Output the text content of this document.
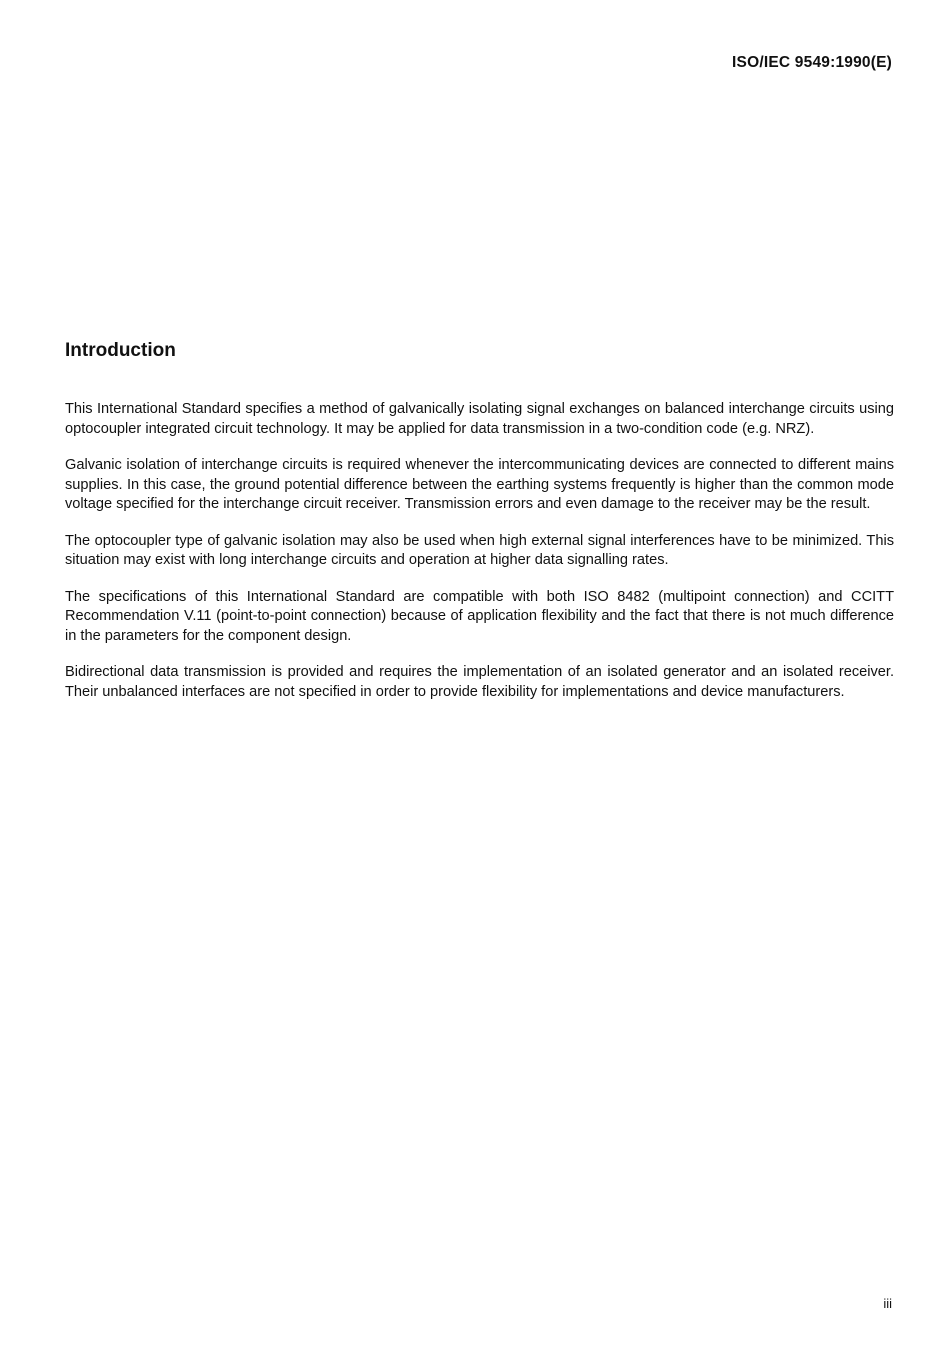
ISO/IEC 9549:1990(E)
Introduction

This International Standard specifies a method of galvanically isolating signal exchanges on balanced interchange circuits using optocoupler integrated circuit technology. It may be applied for data transmission in a two-condition code (e.g. NRZ).

Galvanic isolation of interchange circuits is required whenever the intercommunicating devices are connected to different mains supplies. In this case, the ground potential difference between the earthing systems frequently is higher than the common mode voltage specified for the interchange circuit receiver. Transmission errors and even damage to the receiver may be the result.

The optocoupler type of galvanic isolation may also be used when high external signal interferences have to be minimized. This situation may exist with long interchange circuits and operation at higher data signalling rates.

The specifications of this International Standard are compatible with both ISO 8482 (multipoint connection) and CCITT Recommendation V.11 (point-to-point connection) because of application flexibility and the fact that there is not much difference in the parameters for the component design.

Bidirectional data transmission is provided and requires the implementation of an isolated generator and an isolated receiver. Their unbalanced interfaces are not specified in order to provide flexibility for implementations and device manufacturers.

iii
